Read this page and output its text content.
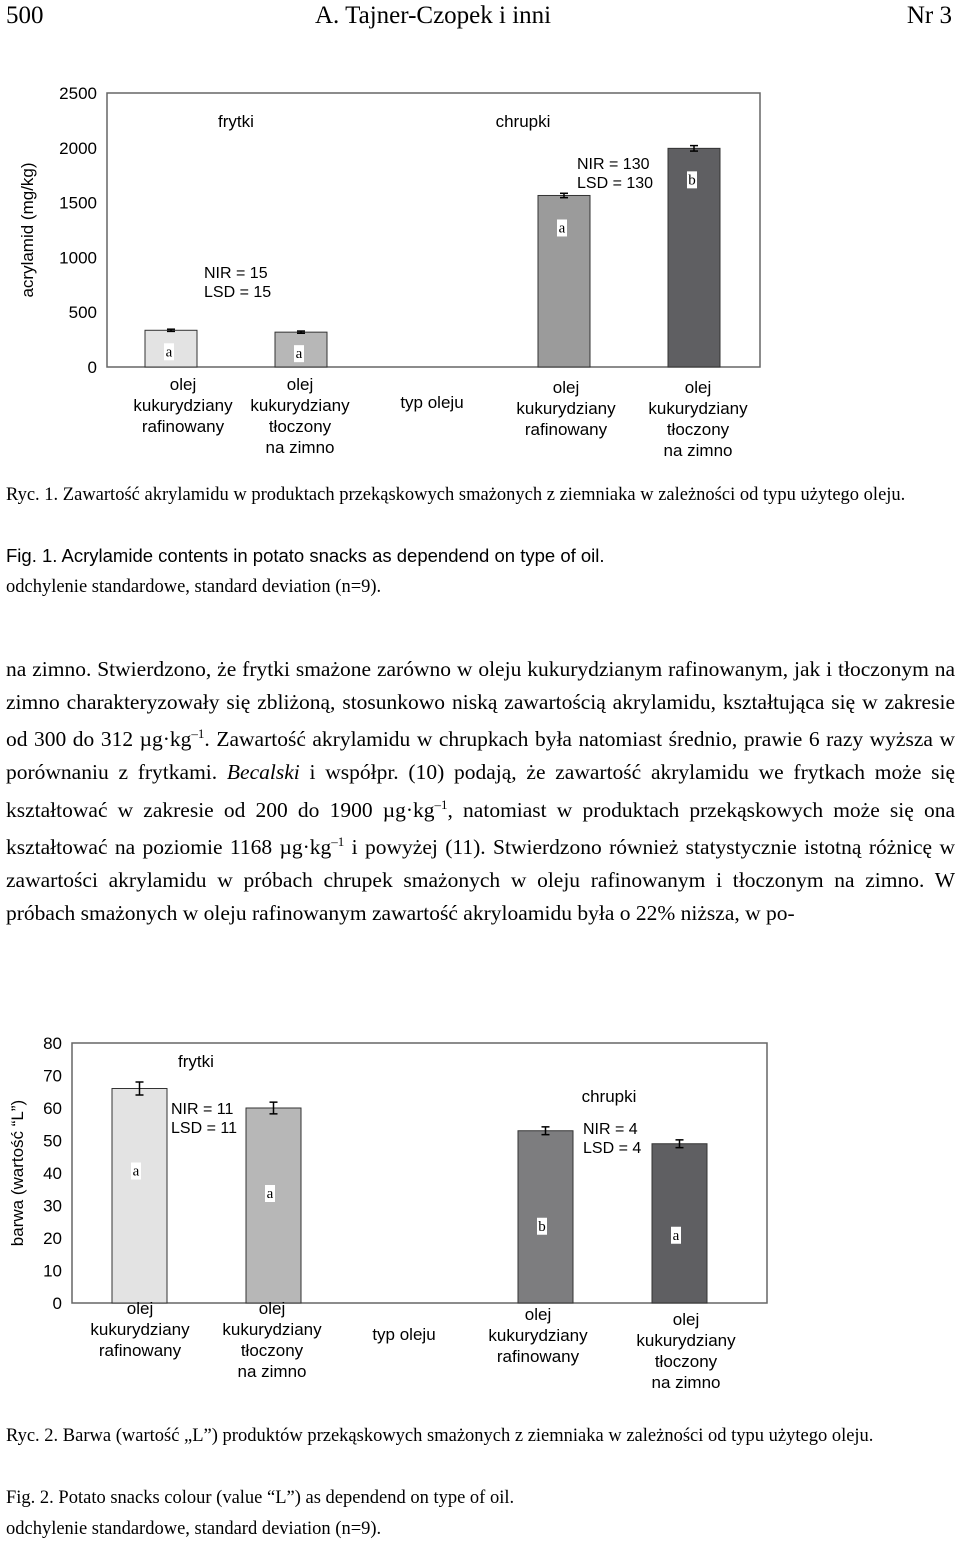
500	A. Tajner-Czopek i inni	Nr 3
acrylamid (mg/kg)
0
500
1000
1500
2000
2500
a	a
a
b
frytki	chrupki
NIR = 15
LSD = 15
NIR = 130
LSD = 130
olej
kukurydziany
rafinowany
olej
kukurydziany
tłoczony
na zimno
olej
kukurydziany
rafinowany
olej
kukurydziany
tłoczony
na zimno
typ oleju
Ryc. 1. Zawartość akrylamidu w produktach przekąskowych smażonych z ziemniaka w zależności od typu użytego oleju.
Fig. 1. Acrylamide contents in potato snacks as dependend on type of oil.
odchylenie standardowe, standard deviation (n=9).

na zimno. Stwierdzono, że frytki smażone zarówno w oleju kukurydzianym rafinowanym, jak i tłoczonym na zimno charakteryzowały się zbliżoną, stosunkowo niską zawartością akrylamidu, kształtująca się w zakresie od 300 do 312 $\mu g\cdot kg^{-1}$. Zawartość akrylamidu w chrupkach była natomiast średnio, prawie 6 razy wyższa w porównaniu z frytkami. Becalski i współpr. (10) podają, że zawartość akrylamidu we frytkach może się kształtować w zakresie od 200 do 1900 $\mu g\cdot kg^{-1}$, natomiast w produktach przekąskowych może się ona kształtować na poziomie 1168 $\mu g\cdot kg^{-1}$ i powyżej (11). Stwierdzono również statystycznie istotną różnicę w zawartości akrylamidu w próbach chrupek smażonych w oleju rafinowanym i tłoczonym na zimno. W próbach smażonych w oleju rafinowanym zawartość akryloamidu była o 22% niższa, w po-

barwa (wartość “L”)
0
10
20
30
40
50
60
70
80
a
a
b
a
frytki
chrupki
NIR = 11
LSD = 11	NIR = 4
LSD = 4
olej
kukurydziany
rafinowany
olej
kukurydziany
tłoczony
na zimno
olej
kukurydziany
rafinowany
olej
kukurydziany
tłoczony
na zimno
typ oleju
Ryc. 2. Barwa (wartość „L”) produktów przekąskowych smażonych z ziemniaka w zależności od typu użytego oleju.
Fig. 2. Potato snacks colour (value “L”) as dependend on type of oil.
odchylenie standardowe, standard deviation (n=9).
